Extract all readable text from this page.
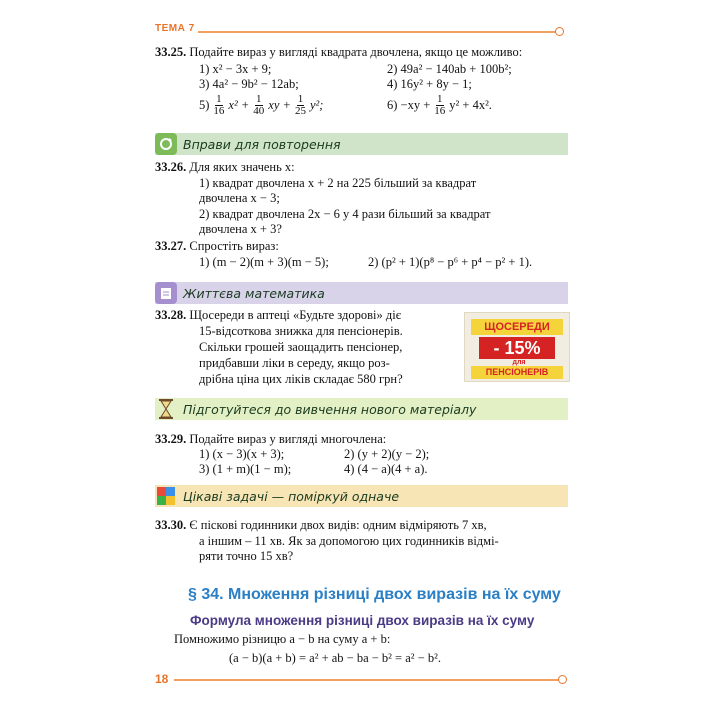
ТЕМА 7
33.25. Подайте вираз у вигляді квадрата двочлена, якщо це можливо:
1) x² − 3x + 9;	2) 49a² − 140ab + 100b²;
3) 4a² − 9b² − 12ab;	4) 16y² + 8y − 1;
$5) \frac{1}{16} x^2 + \frac{1}{40}$ xy + $\frac{1}{25} y^2$;	$6) -xy + \frac{1}{16} y^2 + 4x^2$.
Вправи для повторення
33.26. Для яких значень x:
1) квадрат двочлена x + 2 на 225 більший за квадрат
двочлена x − 3;
2) квадрат двочлена 2x − 6 у 4 рази більший за квадрат
двочлена x + 3?
33.27. Спростіть вираз:
1) (m − 2)(m + 3)(m − 5);	2) (p² + 1)(p⁸ − p⁶ + p⁴ − p² + 1).
Життєва математика
33.28. Щосереди в аптеці «Будьте здорові» діє
15-відсоткова знижка для пенсіонерів.
Скільки грошей заощадить пенсіонер,
придбавши ліки в середу, якщо роз-
дрібна ціна цих ліків складає 580 грн?
ЩОСЕРЕДИ
- 15%
для
ПЕНСІОНЕРІВ
Підготуйтеся до вивчення нового матеріалу
33.29. Подайте вираз у вигляді многочлена:
1) (x − 3)(x + 3);	2) (y + 2)(y − 2);
3) (1 + m)(1 − m);	4) (4 − a)(4 + a).
Цікаві задачі — поміркуй одначе
33.30. Є піскові годинники двох видів: одним відміряють 7 хв,
а іншим – 11 хв. Як за допомогою цих годинників відмі-
ряти точно 15 хв?
§ 34. Множення різниці двох виразів на їх суму
Формула множення різниці двох виразів на їх суму
Помножимо різницю a − b на суму a + b:
(a − b)(a + b) = a² + ab − ba − b² = a² − b².
18
